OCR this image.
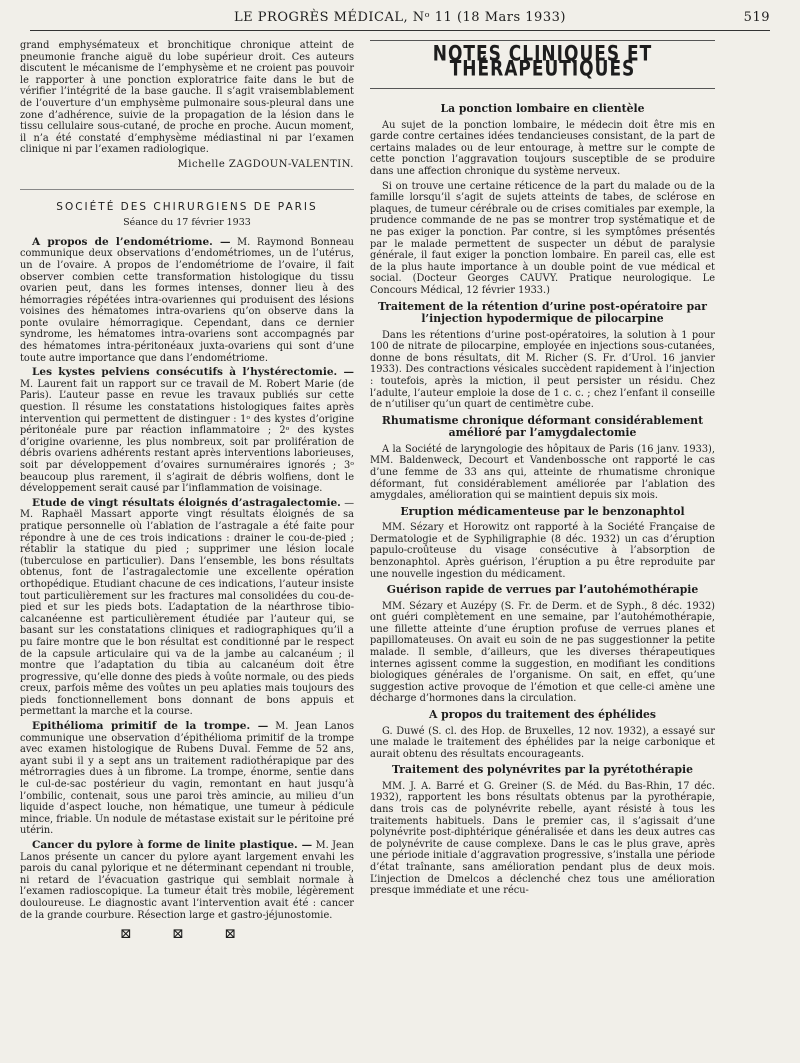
LE PROGRÈS MÉDICAL, Nᵒ 11 (18 Mars 1933)	519

grand emphysémateux et bronchitique chronique atteint de pneumonie franche aiguë du lobe supérieur droit. Ces auteurs discutent le mécanisme de l’emphysème et ne croient pas pouvoir le rapporter à une ponction exploratrice faite dans le but de vérifier l’intégrité de la base gauche. Il s’agit vraisemblablement de l’ouverture d’un emphysème pulmonaire sous-pleural dans une zone d’adhérence, suivie de la propagation de la lésion dans le tissu cellulaire sous-cutané, de proche en proche. Aucun moment, il n’a été constaté d’emphysème médiastinal ni par l’examen clinique ni par l’examen radiologique.

Michelle ZAGDOUN-VALENTIN.
SOCIÉTÉ DES CHIRURGIENS DE PARIS
Séance du 17 février 1933

A propos de l’endométriome. — M. Raymond Bonneau communique deux observations d’endométriomes, un de l’utérus, un de l’ovaire. A propos de l’endométriome de l’ovaire, il fait observer combien cette transformation histologique du tissu ovarien peut, dans les formes intenses, donner lieu à des hémorragies répétées intra-ovariennes qui produisent des lésions voisines des hématomes intra-ovariens qu’on observe dans la ponte ovulaire hémorragique. Cependant, dans ce dernier syndrome, les hématomes intra-ovariens sont accompagnés par des hématomes intra-péritonéaux juxta-ovariens qui sont d’une toute autre importance que dans l’endométriome.

Les kystes pelviens consécutifs à l’hystérectomie. — M. Laurent fait un rapport sur ce travail de M. Robert Marie (de Paris). L’auteur passe en revue les travaux publiés sur cette question. Il résume les constatations histologiques faites après intervention qui permettent de distinguer : 1ᵒ des kystes d’origine péritonéale pure par réaction inflammatoire ; 2ᵒ des kystes d’origine ovarienne, les plus nombreux, soit par prolifération de débris ovariens adhérents restant après interventions laborieuses, soit par développement d’ovaires surnuméraires ignorés ; 3ᵒ beaucoup plus rarement, il s’agirait de débris wolfiens, dont le développement serait causé par l’inflammation de voisinage.

Etude de vingt résultats éloignés d’astragalectomie. — M. Raphaël Massart apporte vingt résultats éloignés de sa pratique personnelle où l’ablation de l’astragale a été faite pour répondre à une de ces trois indications : drainer le cou-de-pied ; rétablir la statique du pied ; supprimer une lésion locale (tuberculose en particulier). Dans l’ensemble, les bons résultats obtenus, font de l’astragalectomie une excellente opération orthopédique. Etudiant chacune de ces indications, l’auteur insiste tout particulièrement sur les fractures mal consolidées du cou-de-pied et sur les pieds bots. L’adaptation de la néarthrose tibio-calcanéenne est particulièrement étudiée par l’auteur qui, se basant sur les constatations cliniques et radiographiques qu’il a pu faire montre que le bon résultat est conditionné par le respect de la capsule articulaire qui va de la jambe au calcanéum ; il montre que l’adaptation du tibia au calcanéum doit être progressive, qu’elle donne des pieds à voûte normale, ou des pieds creux, parfois même des voûtes un peu aplaties mais toujours des pieds fonctionnellement bons donnant de bons appuis et permettant la marche et la course.

Epithélioma primitif de la trompe. — M. Jean Lanos communique une observation d’épithélioma primitif de la trompe avec examen histologique de Rubens Duval. Femme de 52 ans, ayant subi il y a sept ans un traitement radiothérapique par des métrorragies dues à un fibrome. La trompe, énorme, sentie dans le cul-de-sac postérieur du vagin, remontant en haut jusqu’à l’ombilic, contenait, sous une paroi très amincie, au milieu d’un liquide d’aspect louche, non hématique, une tumeur à pédicule mince, friable. Un nodule de métastase existait sur le péritoine pré utérin.

Cancer du pylore à forme de linite plastique. — M. Jean Lanos présente un cancer du pylore ayant largement envahi les parois du canal pylorique et ne déterminant cependant ni trouble, ni retard de l’évacuation gastrique qui semblait normale à l’examen radioscopique. La tumeur était très mobile, légèrement douloureuse. Le diagnostic avant l’intervention avait été : cancer de la grande courbure. Résection large et gastro-jéjunostomie.

⊠ ⊠ ⊠
NOTES CLINIQUES ET THÉRAPEUTIQUES
La ponction lombaire en clientèle

Au sujet de la ponction lombaire, le médecin doit être mis en garde contre certaines idées tendancieuses consistant, de la part de certains malades ou de leur entourage, à mettre sur le compte de cette ponction l’aggravation toujours susceptible de se produire dans une affection chronique du système nerveux.

Si on trouve une certaine réticence de la part du malade ou de la famille lorsqu’il s’agit de sujets atteints de tabes, de sclérose en plaques, de tumeur cérébrale ou de crises comitiales par exemple, la prudence commande de ne pas se montrer trop systématique et de ne pas exiger la ponction. Par contre, si les symptômes présentés par le malade permettent de suspecter un début de paralysie générale, il faut exiger la ponction lombaire. En pareil cas, elle est de la plus haute importance à un double point de vue médical et social. (Docteur Georges CAUVY. Pratique neurologique. Le Concours Médical, 12 février 1933.)

Traitement de la rétention d’urine post-opératoire par l’injection hypodermique de pilocarpine

Dans les rétentions d’urine post-opératoires, la solution à 1 pour 100 de nitrate de pilocarpine, employée en injections sous-cutanées, donne de bons résultats, dit M. Richer (S. Fr. d’Urol. 16 janvier 1933). Des contractions vésicales succèdent rapidement à l’injection : toutefois, après la miction, il peut persister un résidu. Chez l’adulte, l’auteur emploie la dose de 1 c. c. ; chez l’enfant il conseille de n’utiliser qu’un quart de centimètre cube.

Rhumatisme chronique déformant considérablement amélioré par l’amygdalectomie

A la Société de laryngologie des hôpitaux de Paris (16 janv. 1933), MM. Baldenweck, Decourt et Vandenbossche ont rapporté le cas d’une femme de 33 ans qui, atteinte de rhumatisme chronique déformant, fut considérablement améliorée par l’ablation des amygdales, amélioration qui se maintient depuis six mois.

Eruption médicamenteuse par le benzonaphtol

MM. Sézary et Horowitz ont rapporté à la Société Française de Dermatologie et de Syphiligraphie (8 déc. 1932) un cas d’éruption papulo-croûteuse du visage consécutive à l’absorption de benzonaphtol. Après guérison, l’éruption a pu être reproduite par une nouvelle ingestion du médicament.

Guérison rapide de verrues par l’autohémothérapie

MM. Sézary et Auzépy (S. Fr. de Derm. et de Syph., 8 déc. 1932) ont guéri complètement en une semaine, par l’autohémothérapie, une fillette atteinte d’une éruption profuse de verrues planes et papillomateuses. On avait eu soin de ne pas suggestionner la petite malade. Il semble, d’ailleurs, que les diverses thérapeutiques internes agissent comme la suggestion, en modifiant les conditions biologiques générales de l’organisme. On sait, en effet, qu’une suggestion active provoque de l’émotion et que celle-ci amène une décharge d’hormones dans la circulation.

A propos du traitement des éphélides

G. Duwé (S. cl. des Hop. de Bruxelles, 12 nov. 1932), a essayé sur une malade le traitement des éphélides par la neige carbonique et aurait obtenu des résultats encourageants.

Traitement des polynévrites par la pyrétothérapie

MM. J. A. Barré et G. Greiner (S. de Méd. du Bas-Rhin, 17 déc. 1932), rapportent les bons résultats obtenus par la pyrothérapie, dans trois cas de polynévrite rebelle, ayant résisté à tous les traitements habituels. Dans le premier cas, il s’agissait d’une polynévrite post-diphtérique généralisée et dans les deux autres cas de polynévrite de cause complexe. Dans le cas le plus grave, après une période initiale d’aggravation progressive, s’installa une période d’état traînante, sans amélioration pendant plus de deux mois. L’injection de Dmelcos a déclenché chez tous une amélioration presque immédiate et une récu-
